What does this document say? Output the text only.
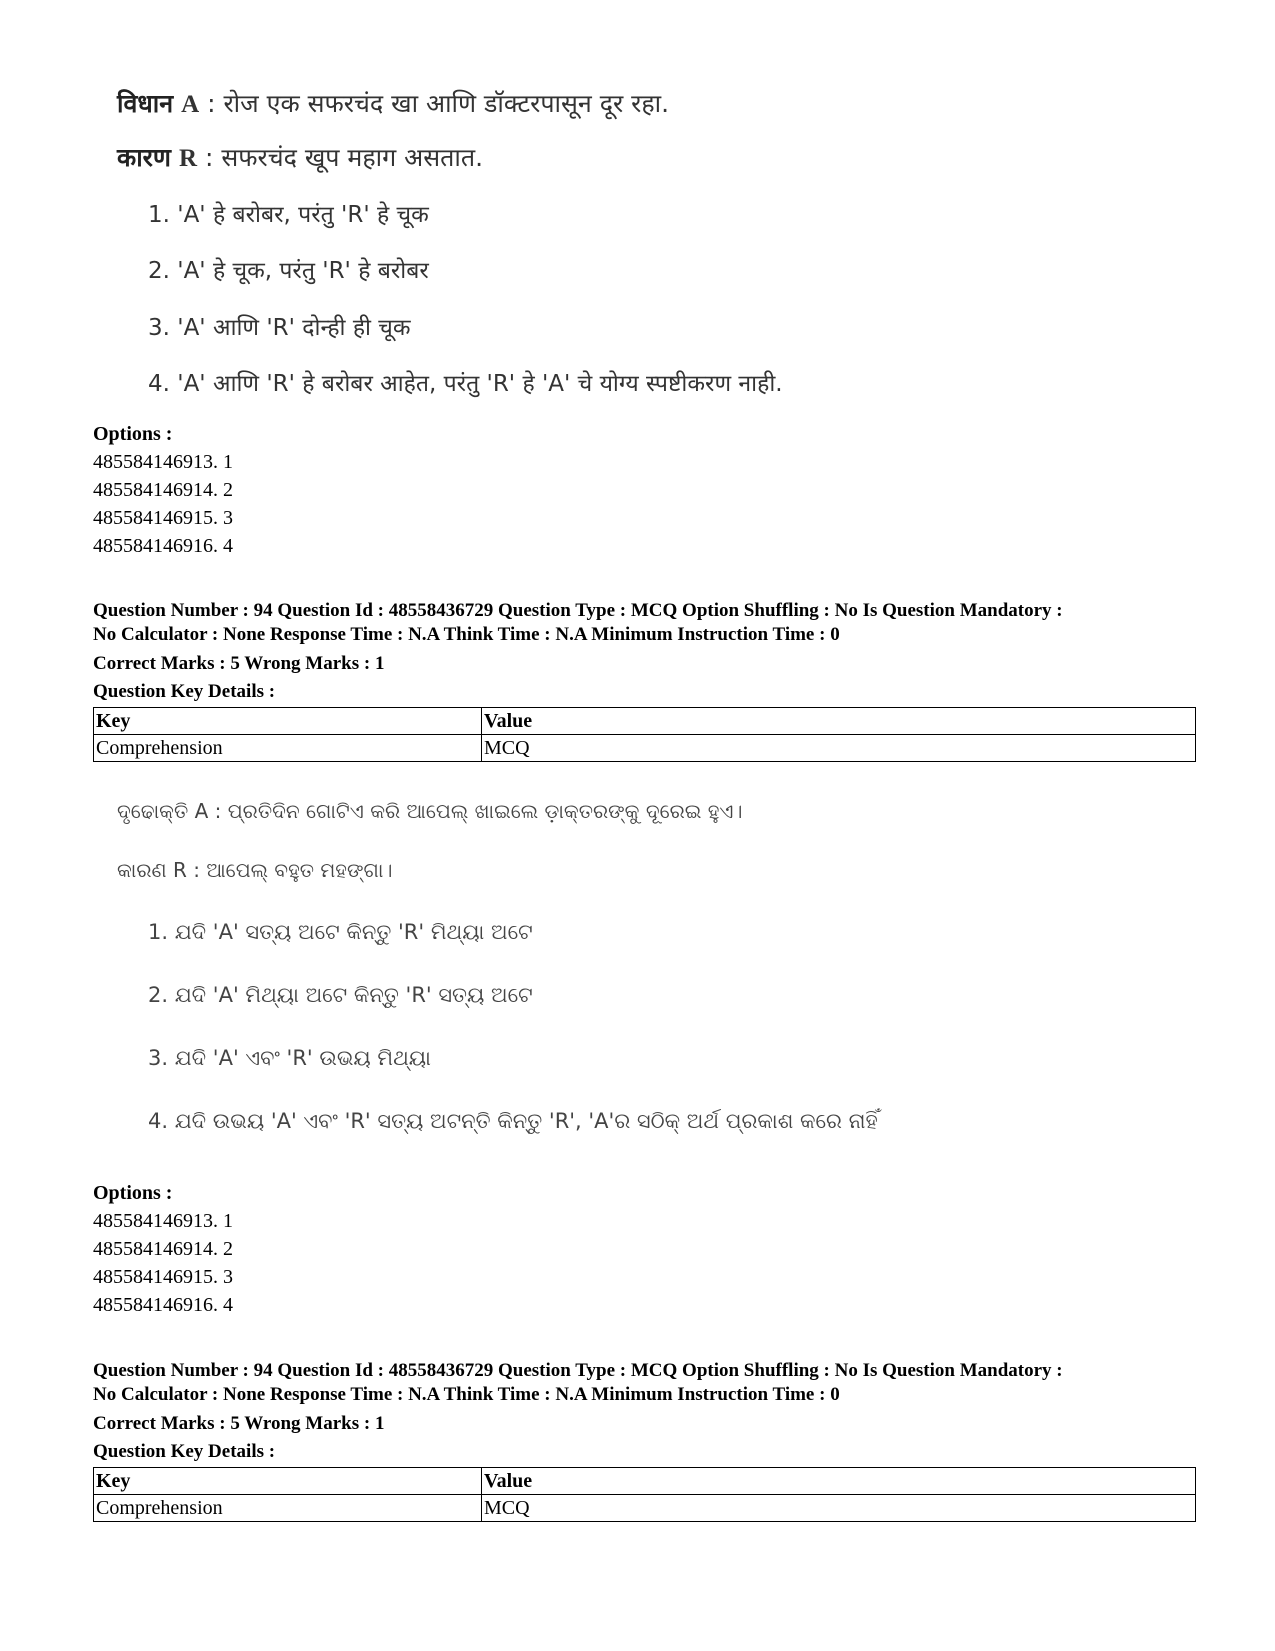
विधान A : रोज एक सफरचंद खा आणि डॉक्टरपासून दूर रहा.
कारण R : सफरचंद खूप महाग असतात.
1. 'A' हे बरोबर, परंतु 'R' हे चूक
2. 'A' हे चूक, परंतु 'R' हे बरोबर
3. 'A' आणि 'R' दोन्ही ही चूक
4. 'A' आणि 'R' हे बरोबर आहेत, परंतु 'R' हे 'A' चे योग्य स्पष्टीकरण नाही.
Options :
485584146913. 1
485584146914. 2
485584146915. 3
485584146916. 4
Question Number : 94 Question Id : 48558436729 Question Type : MCQ Option Shuffling : No Is Question Mandatory :
No Calculator : None Response Time : N.A Think Time : N.A Minimum Instruction Time : 0
Correct Marks : 5 Wrong Marks : 1
Question Key Details :
Key	Value
Comprehension	MCQ
ଦୃଢୋକ୍ତି A : ପ୍ରତିଦିନ ଗୋଟିଏ କରି ଆପେଲ୍ ଖାଇଲେ ଡ଼ାକ୍ତରଙ୍କୁ ଦୂରେଇ ହୁଏ।
କାରଣ R : ଆପେଲ୍ ବହୁତ ମହଙ୍ଗା।
1. ଯଦି 'A' ସତ୍ୟ ଅଟେ କିନ୍ତୁ 'R' ମିଥ୍ୟା ଅଟେ
2. ଯଦି 'A' ମିଥ୍ୟା ଅଟେ କିନ୍ତୁ 'R' ସତ୍ୟ ଅଟେ
3. ଯଦି 'A' ଏବଂ 'R' ଉଭୟ ମିଥ୍ୟା
4. ଯଦି ଉଭୟ 'A' ଏବଂ 'R' ସତ୍ୟ ଅଟନ୍ତି କିନ୍ତୁ 'R', 'A'ର ସଠିକ୍ ଅର୍ଥ ପ୍ରକାଶ କରେ ନାହିଁ
Options :
485584146913. 1
485584146914. 2
485584146915. 3
485584146916. 4
Question Number : 94 Question Id : 48558436729 Question Type : MCQ Option Shuffling : No Is Question Mandatory :
No Calculator : None Response Time : N.A Think Time : N.A Minimum Instruction Time : 0
Correct Marks : 5 Wrong Marks : 1
Question Key Details :
Key	Value
Comprehension	MCQ
